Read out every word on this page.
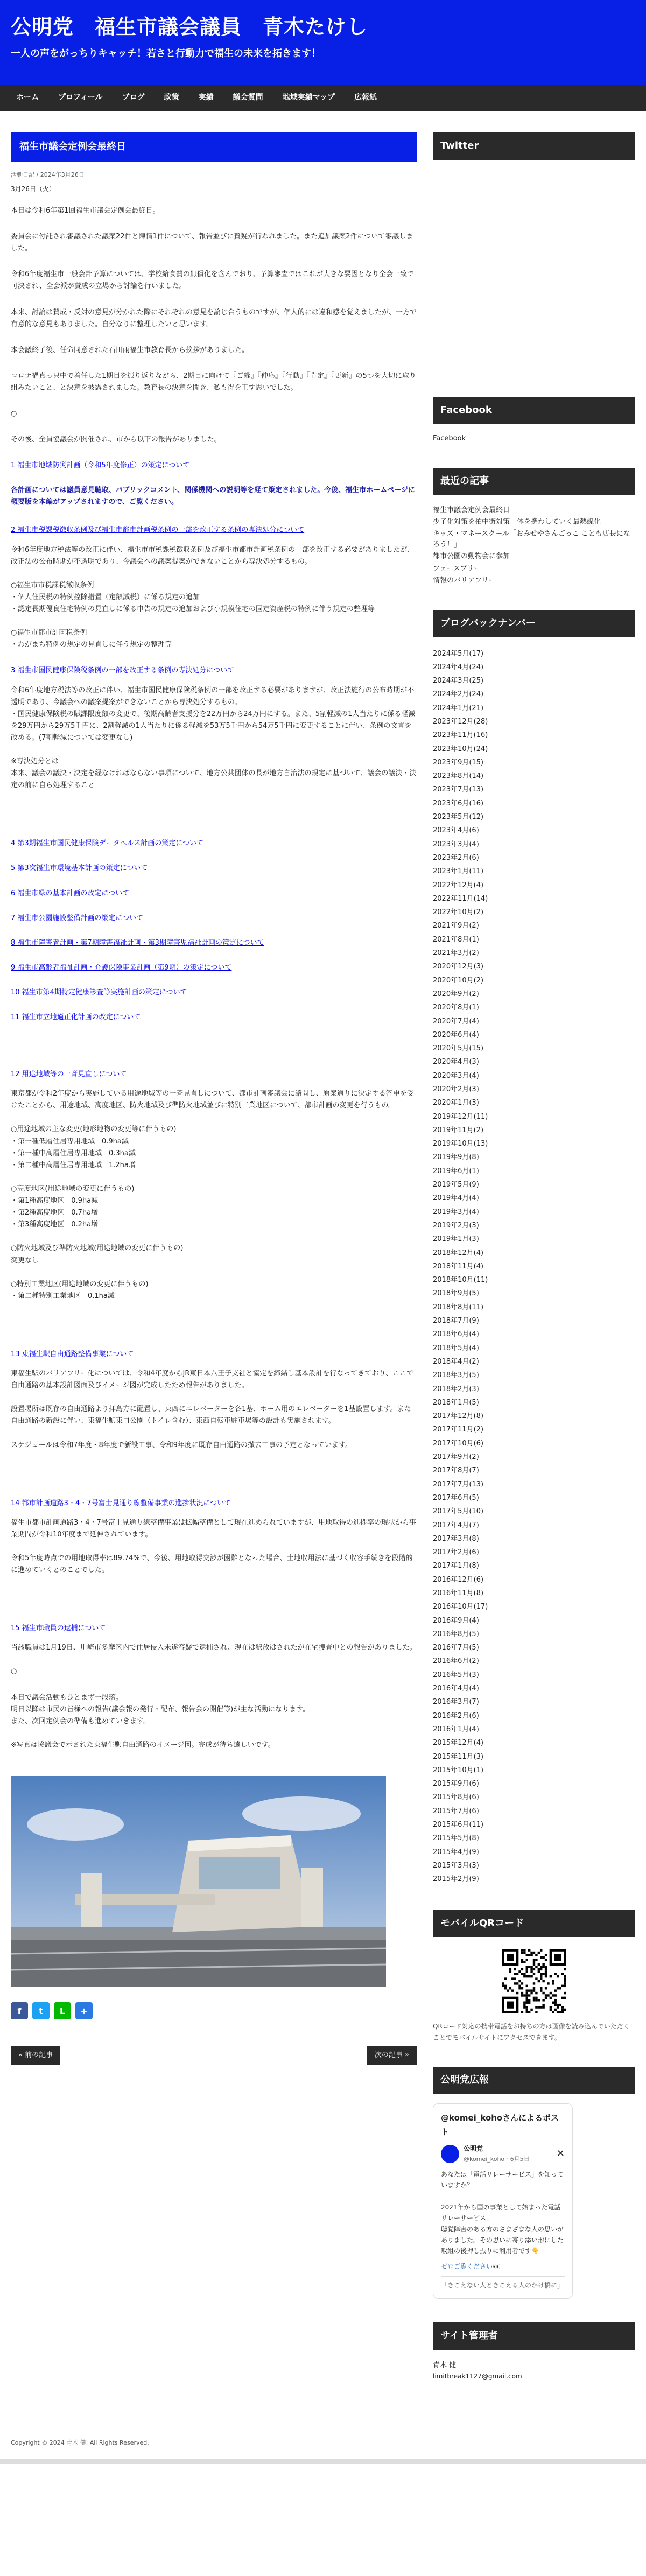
公明党　福生市議会議員　青木たけし
一人の声をがっちりキャッチ！若さと行動力で福生の未来を拓きます！
ホーム	プロフィール	ブログ	政策	実績	議会質問	地域実績マップ	広報紙
福生市議会定例会最終日
活動日記 / 2024年3月26日
3月26日（火）

本日は令和6年第1回福生市議会定例会最終日。

委員会に付託され審議された議案22件と陳情1件について、報告並びに賛疑が行われました。また追加議案2件について審議しました。

令和6年度福生市一般会計予算については、学校給食費の無償化を含んでおり、予算審査ではこれが大きな要因となり全会一致で可決され、全会派が賛成の立場から討論を行いました。

本来、討論は賛成・反対の意見が分かれた際にそれぞれの意見を論じ合うものですが、個人的には違和感を覚えましたが、一方で有意的な意見もありました。自分なりに整理したいと思います。

本会議終了後、任命同意された石田雨福生市教育長から挨拶がありました。

コロナ禍真っ只中で着任した1期目を振り返りながら、2期目に向けて『ご縁』『仲応』『行動』『肯定』『更新』の5つを大切に取り組みたいこと、と決意を披露されました。教育長の決意を聞き、私も得を正す思いでした。

○

その後、全員協議会が開催され、市から以下の報告がありました。

1 福生市地域防災計画（令和5年度修正）の策定について

各計画については議員意見聴取、パブリックコメント、関係機関への説明等を経て策定されました。今後、福生市ホームページに概要版を本編がアップされますので、ご覧ください。

2 福生市税課税徴収条例及び福生市都市計画税条例の一部を改正する条例の専決処分について

令和6年度地方税法等の改正に伴い、福生市市税課税徴収条例及び福生市都市計画税条例の一部を改正する必要がありましたが、改正法の公布時期が不透明であり、今議会への議案提案ができないことから専決処分するもの。

○福生市市税課税徴収条例
・個人住民税の特例控除措置（定額減税）に係る規定の追加
・認定長期優良住宅特例の見直しに係る申告の規定の追加および小規模住宅の固定資産税の特例に伴う規定の整理等

○福生市都市計画税条例
・わがまち特例の規定の見直しに伴う規定の整理等

3 福生市国民健康保険税条例の一部を改正する条例の専決処分について

令和6年度地方税法等の改正に伴い、福生市国民健康保険税条例の一部を改正する必要がありますが、改正法施行の公布時期が不透明であり、今議会への議案提案ができないことから専決処分するもの。
・国民健康保険税の賦課限度額の変更で、後期高齢者支援分を22万円から24万円にする。また、5割軽減の1人当たりに係る軽減を29万円から29万5千円に、2割軽減の1人当たりに係る軽減を53万5千円から54万5千円に変更することに伴い、条例の文言を改める。(7割軽減については変更なし)

※専決処分とは
本来、議会の議決・決定を経なければならない事項について、地方公共団体の長が地方自治法の規定に基づいて、議会の議決・決定の前に自ら処理すること

4 第3期福生市国民健康保険データヘルス計画の策定について
5 第3次福生市環境基本計画の策定について
6 福生市緑の基本計画の改定について
7 福生市公園施設整備計画の策定について
8 福生市障害者計画・第7期障害福祉計画・第3期障害児福祉計画の策定について
9 福生市高齢者福祉計画・介護保険事業計画（第9期）の策定について
10 福生市第4期特定健康診査等実施計画の策定について
11 福生市立地適正化計画の改定について
12 用途地域等の一斉見直しについて

東京都が令和2年度から実施している用途地域等の一斉見直しについて、都市計画審議会に諮問し、原案通りに決定する答申を受けたことから、用途地域、高度地区、防火地域及び準防火地域並びに特別工業地区について、都市計画の変更を行うもの。

○用途地域の主な変更(地形地物の変更等に伴うもの)
・第一種低層住居専用地域　0.9ha減
・第一種中高層住居専用地域　0.3ha減
・第二種中高層住居専用地域　1.2ha増

○高度地区(用途地域の変更に伴うもの)
・第1種高度地区　0.9ha減
・第2種高度地区　0.7ha増
・第3種高度地区　0.2ha増

○防火地域及び準防火地域(用途地域の変更に伴うもの)
変更なし

○特別工業地区(用途地域の変更に伴うもの)
・第二種特別工業地区　0.1ha減

13 東福生駅自由通路整備事業について

東福生駅のバリアフリー化については、令和4年度からJR東日本八王子支社と協定を締結し基本設計を行なってきており、ここで自由通路の基本設計図面及びイメージ図が完成したため報告がありました。

設置場所は既存の自由通路より拝島方に配置し、東西にエレベーターを各1基、ホーム用のエレベーターを1基設置します。また自由通路の新設に伴い、東福生駅東口公園（トイレ含む）、東西自転車駐車場等の設計も実施されます。

スケジュールは令和7年度・8年度で新設工事、令和9年度に既存自由通路の撤去工事の予定となっています。

14 都市計画道路3・4・7号富士見通り線整備事業の進捗状況について

福生市都市計画道路3・4・7号富士見通り線整備事業は拡幅整備として現在進められていますが、用地取得の進捗率の現状から事業期間が令和10年度まで延伸されています。

令和5年度時点での用地取得率は89.74%で、今後、用地取得交渉が困難となった場合、土地収用法に基づく収容手続きを段階的に進めていくとのことでした。

15 福生市職員の逮捕について

当該職員は1月19日、川崎市多摩区内で住居侵入未遂容疑で逮捕され、現在は釈放はされたが在宅捜査中との報告がありました。

○

本日で議会活動もひとまず一段落。
明日以降は市民の皆様への報告(議会報の発行・配布、報告会の開催等)が主な活動になります。
また、次回定例会の準備も進めていきます。

※写真は協議会で示された東福生駅自由通路のイメージ図。完成が待ち遠しいです。

f	t	L	+
« 前の記事	次の記事 »
Twitter
Facebook
Facebook
最近の記事
福生市議会定例会最終日
少子化対策を柏中街対策　体を携わしていく最熱線化
キッズ・マネースクール「おみせやさんごっこ ことも店長になろう！」
都市公園の動物会に参加
フェースブリー
情報のバリアフリー
ブログバックナンバー
2024年5月(17)
2024年4月(24)
2024年3月(25)
2024年2月(24)
2024年1月(21)
2023年12月(28)
2023年11月(16)
2023年10月(24)
2023年9月(15)
2023年8月(14)
2023年7月(13)
2023年6月(16)
2023年5月(12)
2023年4月(6)
2023年3月(4)
2023年2月(6)
2023年1月(11)
2022年12月(4)
2022年11月(14)
2022年10月(2)
2021年9月(2)
2021年8月(1)
2021年3月(2)
2020年12月(3)
2020年10月(2)
2020年9月(2)
2020年8月(1)
2020年7月(4)
2020年6月(4)
2020年5月(15)
2020年4月(3)
2020年3月(4)
2020年2月(3)
2020年1月(3)
2019年12月(11)
2019年11月(2)
2019年10月(13)
2019年9月(8)
2019年6月(1)
2019年5月(9)
2019年4月(4)
2019年3月(4)
2019年2月(3)
2019年1月(3)
2018年12月(4)
2018年11月(4)
2018年10月(11)
2018年9月(5)
2018年8月(11)
2018年7月(9)
2018年6月(4)
2018年5月(4)
2018年4月(2)
2018年3月(5)
2018年2月(3)
2018年1月(5)
2017年12月(8)
2017年11月(2)
2017年10月(6)
2017年9月(2)
2017年8月(7)
2017年7月(13)
2017年6月(5)
2017年5月(10)
2017年4月(7)
2017年3月(8)
2017年2月(6)
2017年1月(8)
2016年12月(6)
2016年11月(8)
2016年10月(17)
2016年9月(4)
2016年8月(5)
2016年7月(5)
2016年6月(2)
2016年5月(3)
2016年4月(4)
2016年3月(7)
2016年2月(6)
2016年1月(4)
2015年12月(4)
2015年11月(3)
2015年10月(1)
2015年9月(6)
2015年8月(6)
2015年7月(6)
2015年6月(11)
2015年5月(8)
2015年4月(9)
2015年3月(3)
2015年2月(9)
モバイルQRコード

QRコード対応の携帯電話をお持ちの方は画像を読み込んでいただくことでモバイルサイトにアクセスできます。

公明党広報
@komei_kohoさんによるポスト
公明党
@komei_koho · 6月5日	✕

あなたは「電話リレーサービス」を知っていますか？

2021年から国の事業として始まった電話リレーサービス。
聴覚障害のある方のさまざまな人の思いがありました。その思いに寄り添い形にした取組の後押し振りに利用者です👇

ゼロご覧ください👀

「きこえない人ときこえる人のかけ橋に」

サイト管理者
青木 健
limitbreak1127@gmail.com
Copyright © 2024 青木 健. All Rights Reserved.
